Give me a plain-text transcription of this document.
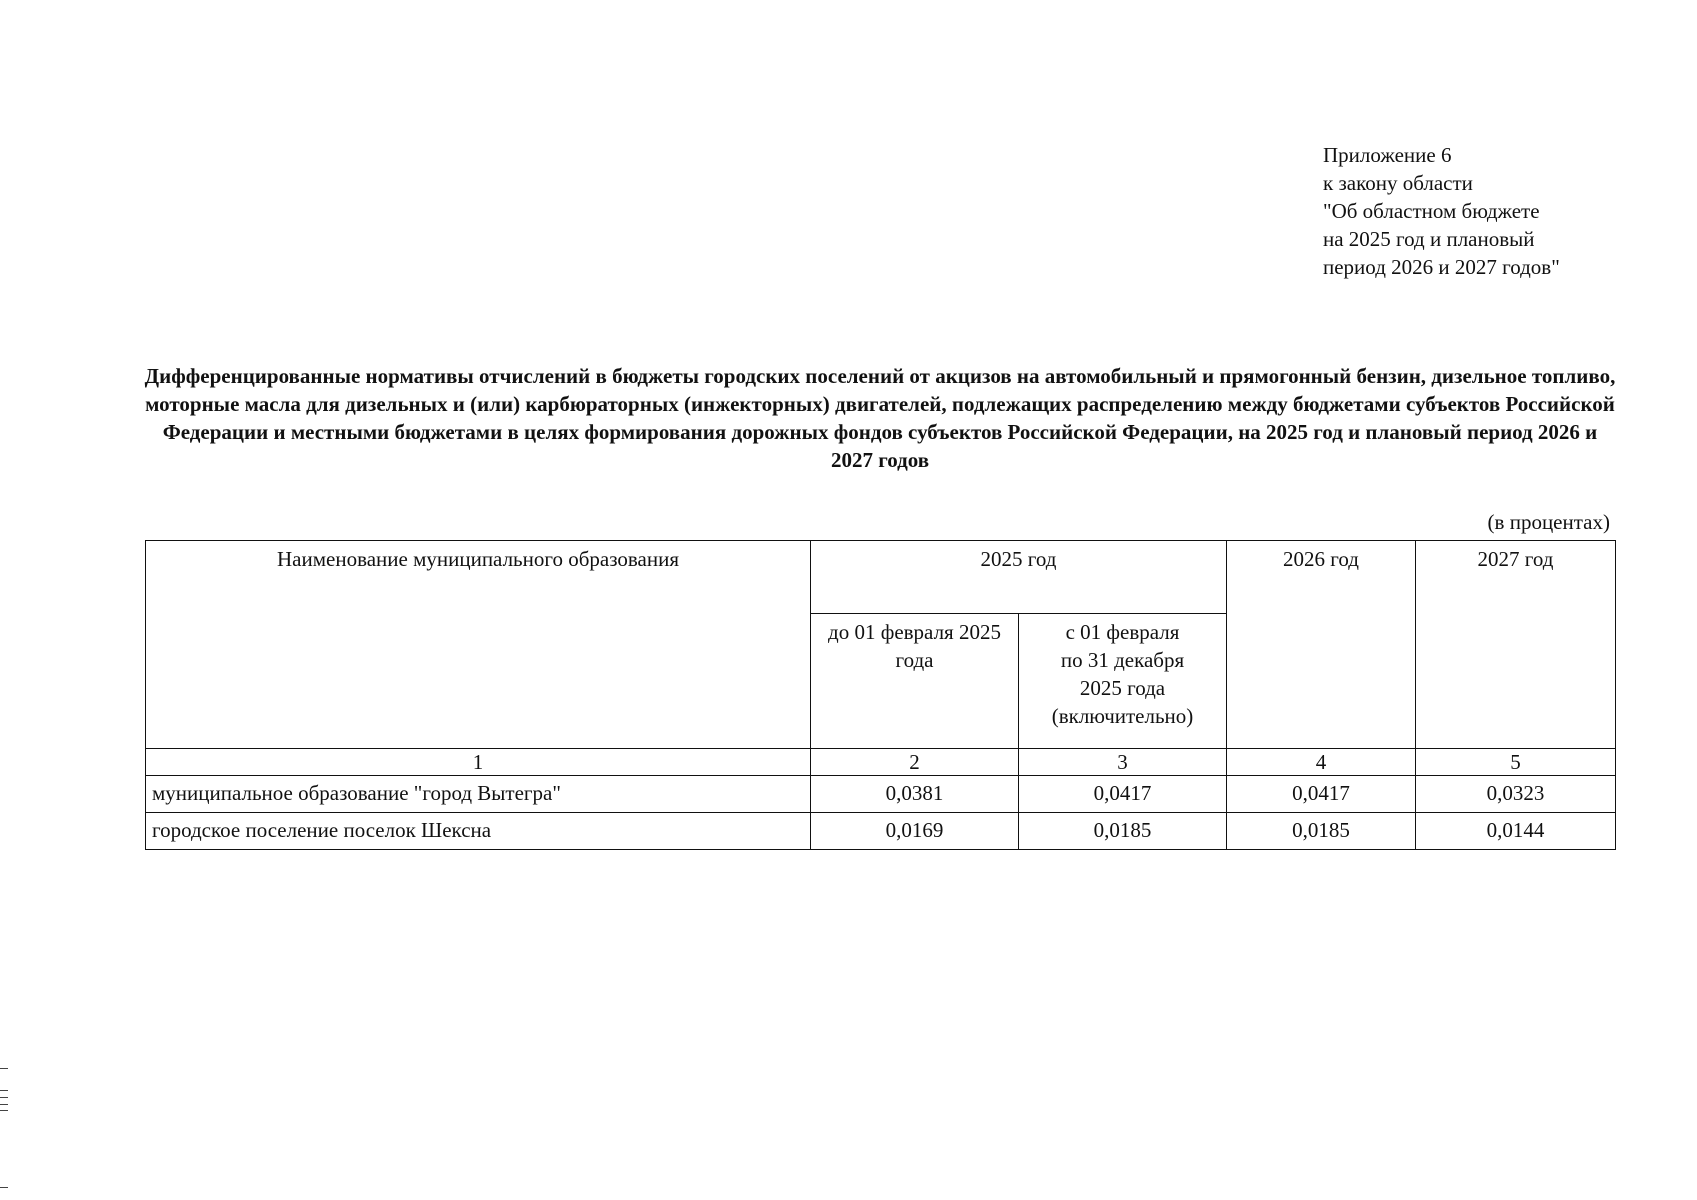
Приложение 6
к закону области
"Об областном бюджете
на 2025 год и плановый
период 2026 и 2027 годов"
Дифференцированные нормативы отчислений в бюджеты городских поселений от акцизов на автомобильный и прямогонный бензин, дизельное топливо, моторные масла для дизельных и (или) карбюраторных (инжекторных) двигателей, подлежащих распределению между бюджетами субъектов Российской Федерации и местными бюджетами в целях формирования дорожных фондов субъектов Российской Федерации, на 2025 год и плановый период 2026 и 2027 годов
(в процентах)
Наименование муниципального образования	2025 год		2026 год	2027 год
	до 01 февраля 2025 года	с 01 февраля
по 31 декабря
2025 года
(включительно)		

1	2	3	4	5
муниципальное образование "город Вытегра"	0,0381	0,0417	0,0417	0,0323
городское поселение поселок Шексна	0,0169	0,0185	0,0185	0,0144
